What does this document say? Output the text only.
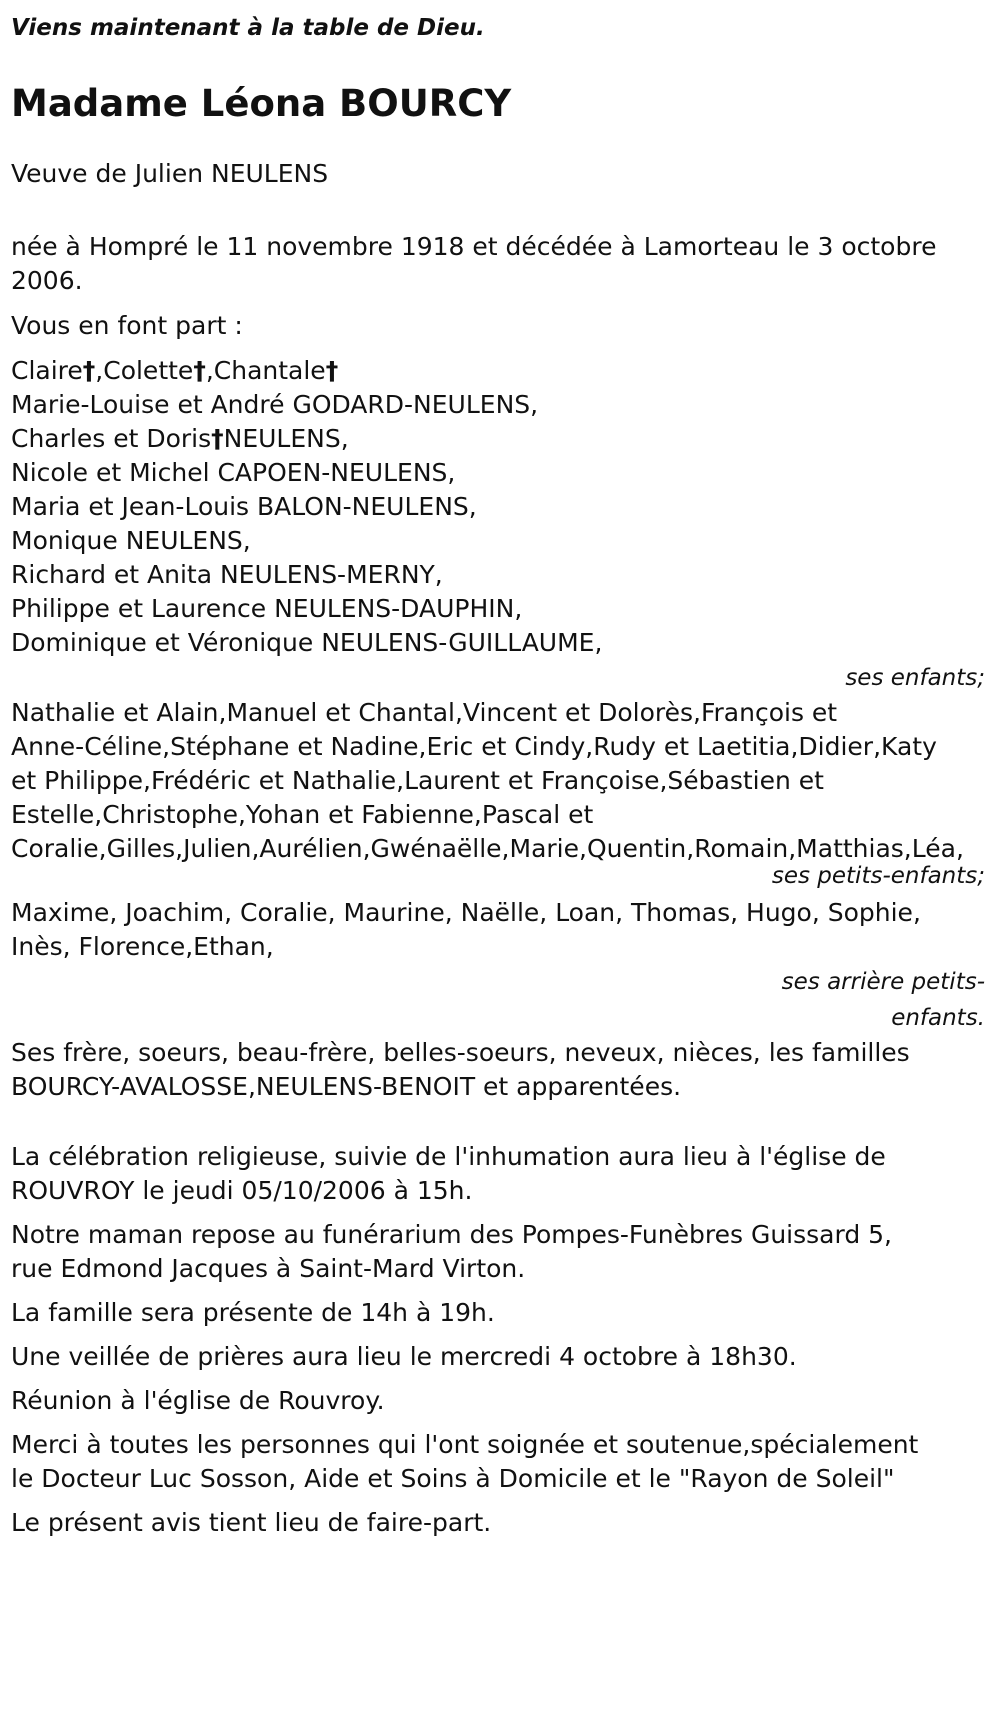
Viens maintenant à la table de Dieu.

Madame Léona BOURCY

Veuve de Julien NEULENS

née à Hompré le 11 novembre 1918 et décédée à Lamorteau le 3 octobre

2006.

Vous en font part :

Claire†,Colette†,Chantale†

Marie-Louise et André GODARD-NEULENS,

Charles et Doris†NEULENS,

Nicole et Michel CAPOEN-NEULENS,

Maria et Jean-Louis BALON-NEULENS,

Monique NEULENS,

Richard et Anita NEULENS-MERNY,

Philippe et Laurence NEULENS-DAUPHIN,

Dominique et Véronique NEULENS-GUILLAUME,

ses enfants;

Nathalie et Alain,Manuel et Chantal,Vincent et Dolorès,François et

Anne-Céline,Stéphane et Nadine,Eric et Cindy,Rudy et Laetitia,Didier,Katy

et Philippe,Frédéric et Nathalie,Laurent et Françoise,Sébastien et

Estelle,Christophe,Yohan et Fabienne,Pascal et

Coralie,Gilles,Julien,Aurélien,Gwénaëlle,Marie,Quentin,Romain,Matthias,Léa,

ses petits-enfants;

Maxime, Joachim, Coralie, Maurine, Naëlle, Loan, Thomas, Hugo, Sophie,

Inès, Florence,Ethan,

ses arrière petits-

enfants.

Ses frère, soeurs, beau-frère, belles-soeurs, neveux, nièces, les familles

BOURCY-AVALOSSE,NEULENS-BENOIT et apparentées.

La célébration religieuse, suivie de l'inhumation aura lieu à l'église de

ROUVROY le jeudi 05/10/2006 à 15h.

Notre maman repose au funérarium des Pompes-Funèbres Guissard 5,

rue Edmond Jacques à Saint-Mard Virton.

La famille sera présente de 14h à 19h.

Une veillée de prières aura lieu le mercredi 4 octobre à 18h30.

Réunion à l'église de Rouvroy.

Merci à toutes les personnes qui l'ont soignée et soutenue,spécialement

le Docteur Luc Sosson, Aide et Soins à Domicile et le "Rayon de Soleil"

Le présent avis tient lieu de faire-part.
